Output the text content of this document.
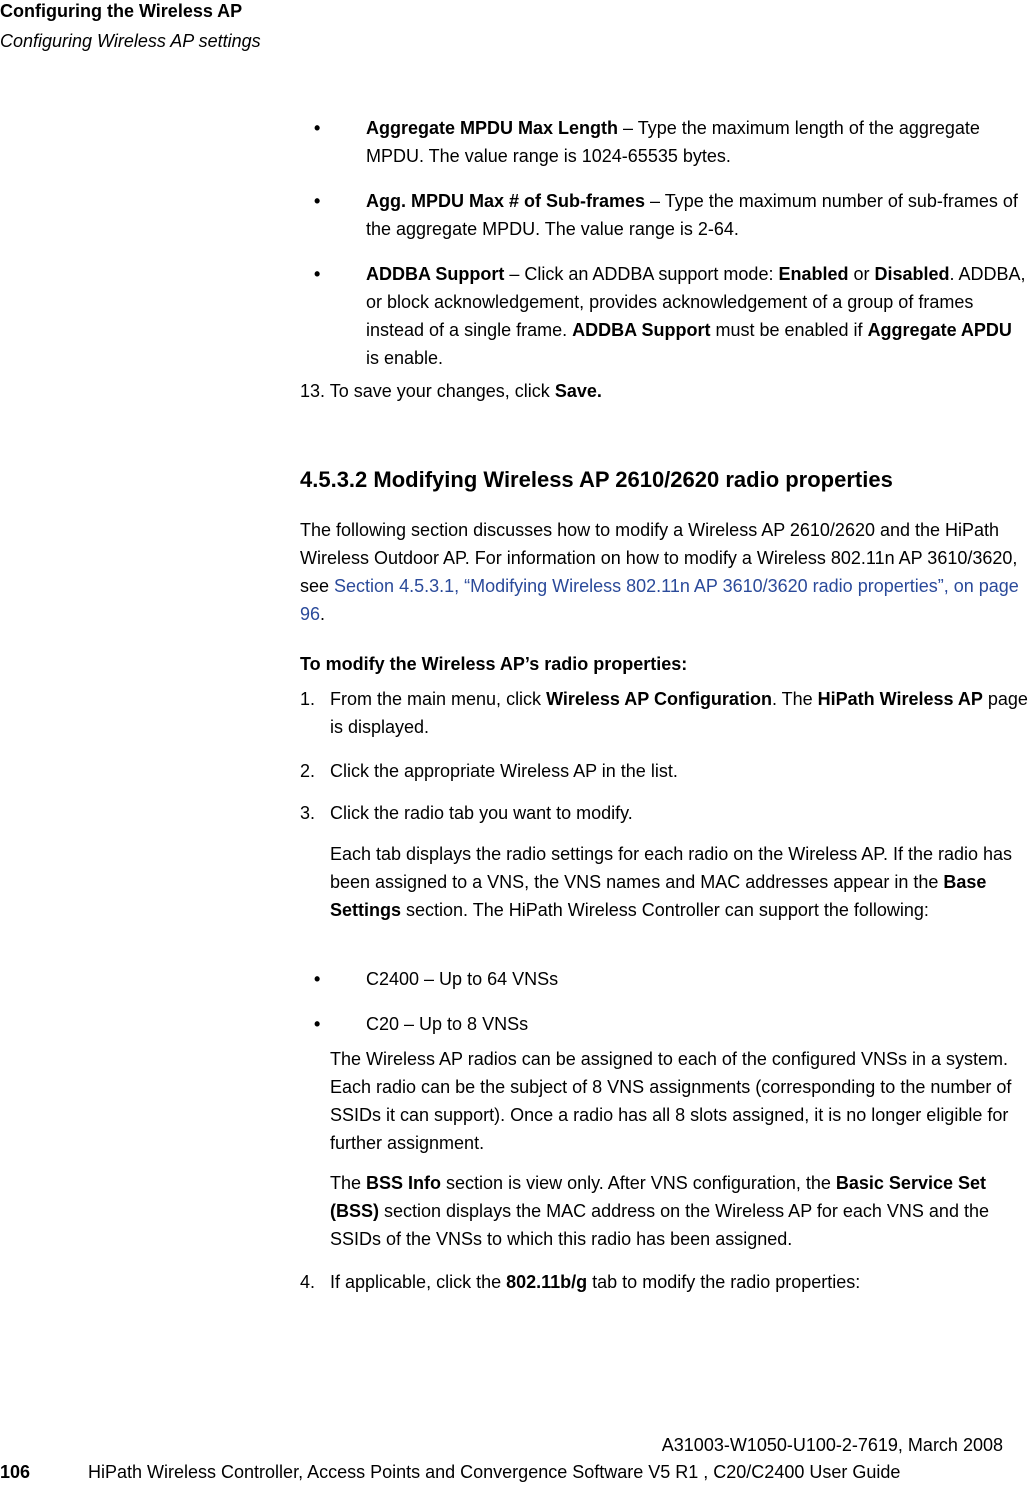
Configuring the Wireless AP
Configuring Wireless AP settings
•	Aggregate MPDU Max Length – Type the maximum length of the aggregate MPDU. The value range is 1024-65535 bytes.

•	Agg. MPDU Max # of Sub-frames – Type the maximum number of sub-frames of the aggregate MPDU. The value range is 2-64.

•	ADDBA Support – Click an ADDBA support mode: Enabled or Disabled. ADDBA, or block acknowledgement, provides acknowledgement of a group of frames instead of a single frame. ADDBA Support must be enabled if Aggregate APDU is enable.

13. To save your changes, click Save.

4.5.3.2 Modifying Wireless AP 2610/2620 radio properties

The following section discusses how to modify a Wireless AP 2610/2620 and the HiPath Wireless Outdoor AP. For information on how to modify a Wireless 802.11n AP 3610/3620, see Section 4.5.3.1, “Modifying Wireless 802.11n AP 3610/3620 radio properties”, on page 96.

To modify the Wireless AP’s radio properties:

1. From the main menu, click Wireless AP Configuration. The HiPath Wireless AP page is displayed.

2. Click the appropriate Wireless AP in the list.

3. Click the radio tab you want to modify.

Each tab displays the radio settings for each radio on the Wireless AP. If the radio has been assigned to a VNS, the VNS names and MAC addresses appear in the Base Settings section. The HiPath Wireless Controller can support the following:

•	C2400 – Up to 64 VNSs

•	C20 – Up to 8 VNSs

The Wireless AP radios can be assigned to each of the configured VNSs in a system. Each radio can be the subject of 8 VNS assignments (corresponding to the number of SSIDs it can support). Once a radio has all 8 slots assigned, it is no longer eligible for further assignment.

The BSS Info section is view only. After VNS configuration, the Basic Service Set (BSS) section displays the MAC address on the Wireless AP for each VNS and the SSIDs of the VNSs to which this radio has been assigned.

4. If applicable, click the 802.11b/g tab to modify the radio properties:

A31003-W1050-U100-2-7619, March 2008
106	HiPath Wireless Controller, Access Points and Convergence Software V5 R1 , C20/C2400 User Guide
